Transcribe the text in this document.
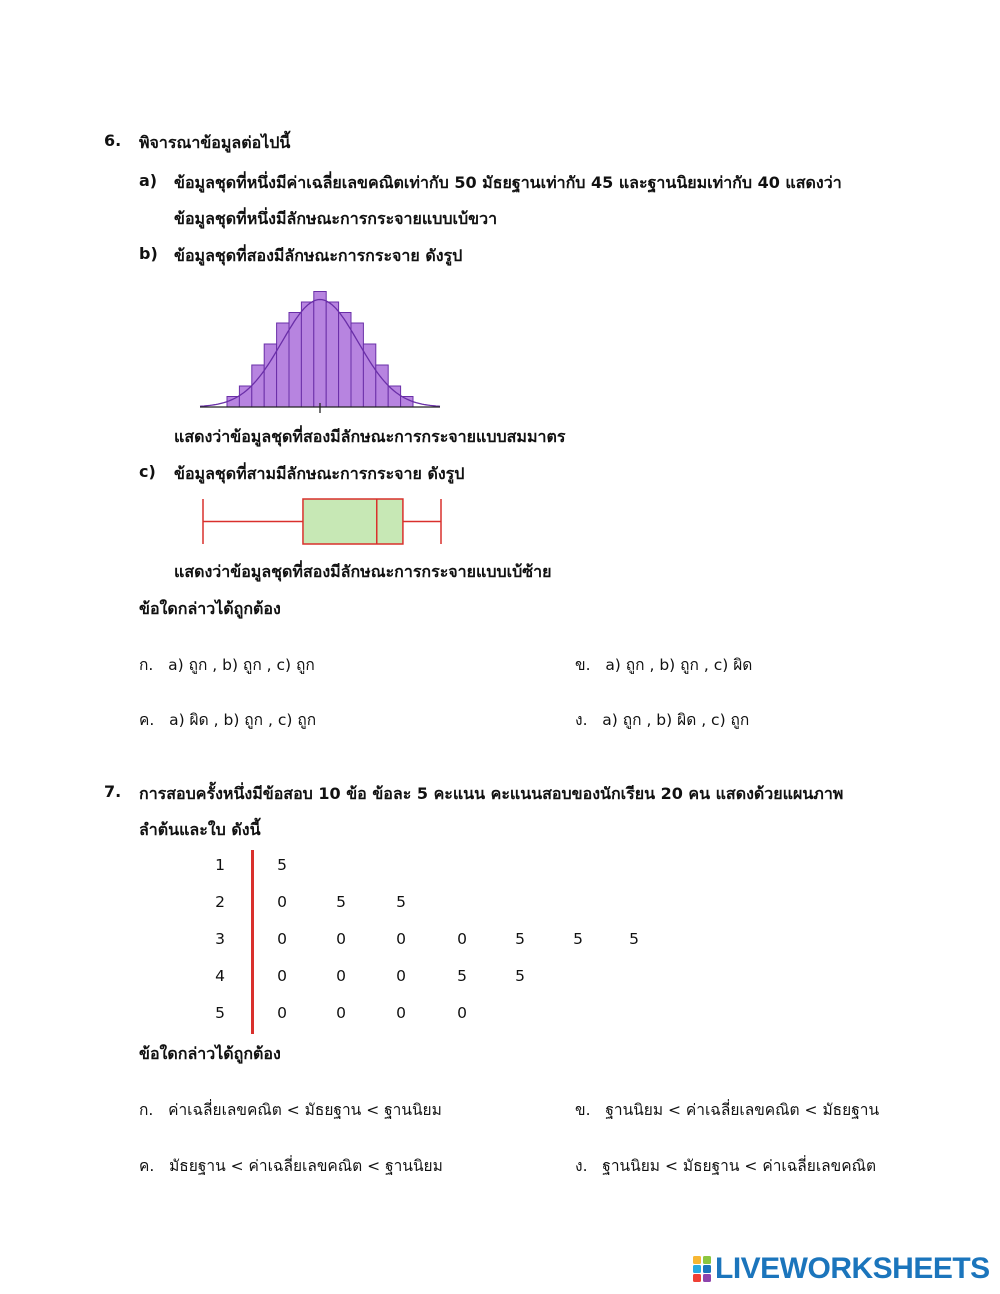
6. พิจารณาข้อมูลต่อไปนี้
a) ข้อมูลชุดที่หนึ่งมีค่าเฉลี่ยเลขคณิตเท่ากับ 50 มัธยฐานเท่ากับ 45 และฐานนิยมเท่ากับ 40 แสดงว่า
ข้อมูลชุดที่หนึ่งมีลักษณะการกระจายแบบเบ้ขวา
b) ข้อมูลชุดที่สองมีลักษณะการกระจาย ดังรูป
แสดงว่าข้อมูลชุดที่สองมีลักษณะการกระจายแบบสมมาตร
c) ข้อมูลชุดที่สามมีลักษณะการกระจาย ดังรูป
แสดงว่าข้อมูลชุดที่สองมีลักษณะการกระจายแบบเบ้ซ้าย
ข้อใดกล่าวได้ถูกต้อง
ก. a) ถูก , b) ถูก , c) ถูก	ข. a) ถูก , b) ถูก , c) ผิด
ค. a) ผิด , b) ถูก , c) ถูก	ง. a) ถูก , b) ผิด , c) ถูก
7. การสอบครั้งหนึ่งมีข้อสอบ 10 ข้อ ข้อละ 5 คะแนน คะแนนสอบของนักเรียน 20 คน แสดงด้วยแผนภาพ
ลำต้นและใบ ดังนี้
1	5
2	0	5	5
3	0	0	0	0	5	5	5
4	0	0	0	5	5
5	0	0	0	0
ข้อใดกล่าวได้ถูกต้อง
ก. ค่าเฉลี่ยเลขคณิต < มัธยฐาน < ฐานนิยม	ข. ฐานนิยม < ค่าเฉลี่ยเลขคณิต < มัธยฐาน
ค. มัธยฐาน < ค่าเฉลี่ยเลขคณิต < ฐานนิยม	ง. ฐานนิยม < มัธยฐาน < ค่าเฉลี่ยเลขคณิต
LIVEWORKSHEETS
